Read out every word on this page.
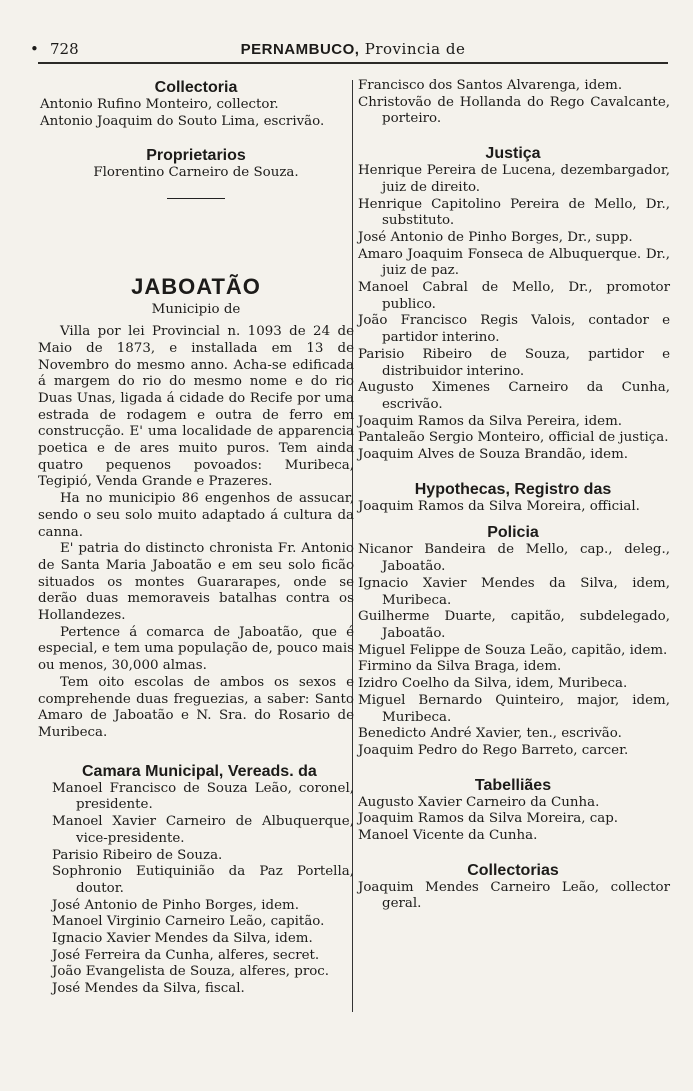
• 728	PERNAMBUCO, Provincia de
Collectoria
Antonio Rufino Monteiro, collector.
Antonio Joaquim do Souto Lima, escrivão.
Proprietarios
Florentino Carneiro de Souza.
JABOATÃO
Municipio de

Villa por lei Provincial n. 1093 de 24 de Maio de 1873, e installada em 13 de Novembro do mesmo anno. Acha-se edificada á margem do rio do mesmo nome e do rio Duas Unas, ligada á cidade do Recife por uma estrada de rodagem e outra de ferro em construcção. E' uma localidade de apparencia poetica e de ares muito puros. Tem ainda quatro pequenos povoados: Muribeca, Tegipió, Venda Grande e Prazeres.

Ha no municipio 86 engenhos de assucar, sendo o seu solo muito adaptado á cultura da canna.

E' patria do distincto chronista Fr. Antonio de Santa Maria Jaboatão e em seu solo ficão situados os montes Guararapes, onde se derão duas memoraveis batalhas contra os Hollandezes.

Pertence á comarca de Jaboatão, que é especial, e tem uma população de, pouco mais ou menos, 30,000 almas.

Tem oito escolas de ambos os sexos e comprehende duas freguezias, a saber: Santo Amaro de Jaboatão e N. Sra. do Rosario de Muribeca.

Camara Municipal, Vereads. da
Manoel Francisco de Souza Leão, coronel, presidente.
Manoel Xavier Carneiro de Albuquerque, vice-presidente.
Parisio Ribeiro de Souza.
Sophronio Eutiquinião da Paz Portella, doutor.
José Antonio de Pinho Borges, idem.
Manoel Virginio Carneiro Leão, capitão.
Ignacio Xavier Mendes da Silva, idem.
José Ferreira da Cunha, alferes, secret.
João Evangelista de Souza, alferes, proc.
José Mendes da Silva, fiscal.
Francisco dos Santos Alvarenga, idem.
Christovão de Hollanda do Rego Cavalcante, porteiro.
Justiça
Henrique Pereira de Lucena, dezembargador, juiz de direito.
Henrique Capitolino Pereira de Mello, Dr., substituto.
José Antonio de Pinho Borges, Dr., supp.
Amaro Joaquim Fonseca de Albuquerque. Dr., juiz de paz.
Manoel Cabral de Mello, Dr., promotor publico.
João Francisco Regis Valois, contador e partidor interino.
Parisio Ribeiro de Souza, partidor e distribuidor interino.
Augusto Ximenes Carneiro da Cunha, escrivão.
Joaquim Ramos da Silva Pereira, idem.
Pantaleão Sergio Monteiro, official de justiça.
Joaquim Alves de Souza Brandão, idem.
Hypothecas, Registro das
Joaquim Ramos da Silva Moreira, official.
Policia
Nicanor Bandeira de Mello, cap., deleg., Jaboatão.
Ignacio Xavier Mendes da Silva, idem, Muribeca.
Guilherme Duarte, capitão, subdelegado, Jaboatão.
Miguel Felippe de Souza Leão, capitão, idem.
Firmino da Silva Braga, idem.
Izidro Coelho da Silva, idem, Muribeca.
Miguel Bernardo Quinteiro, major, idem, Muribeca.
Benedicto André Xavier, ten., escrivão.
Joaquim Pedro do Rego Barreto, carcer.
Tabelliães
Augusto Xavier Carneiro da Cunha.
Joaquim Ramos da Silva Moreira, cap.
Manoel Vicente da Cunha.
Collectorias
Joaquim Mendes Carneiro Leão, collector geral.
